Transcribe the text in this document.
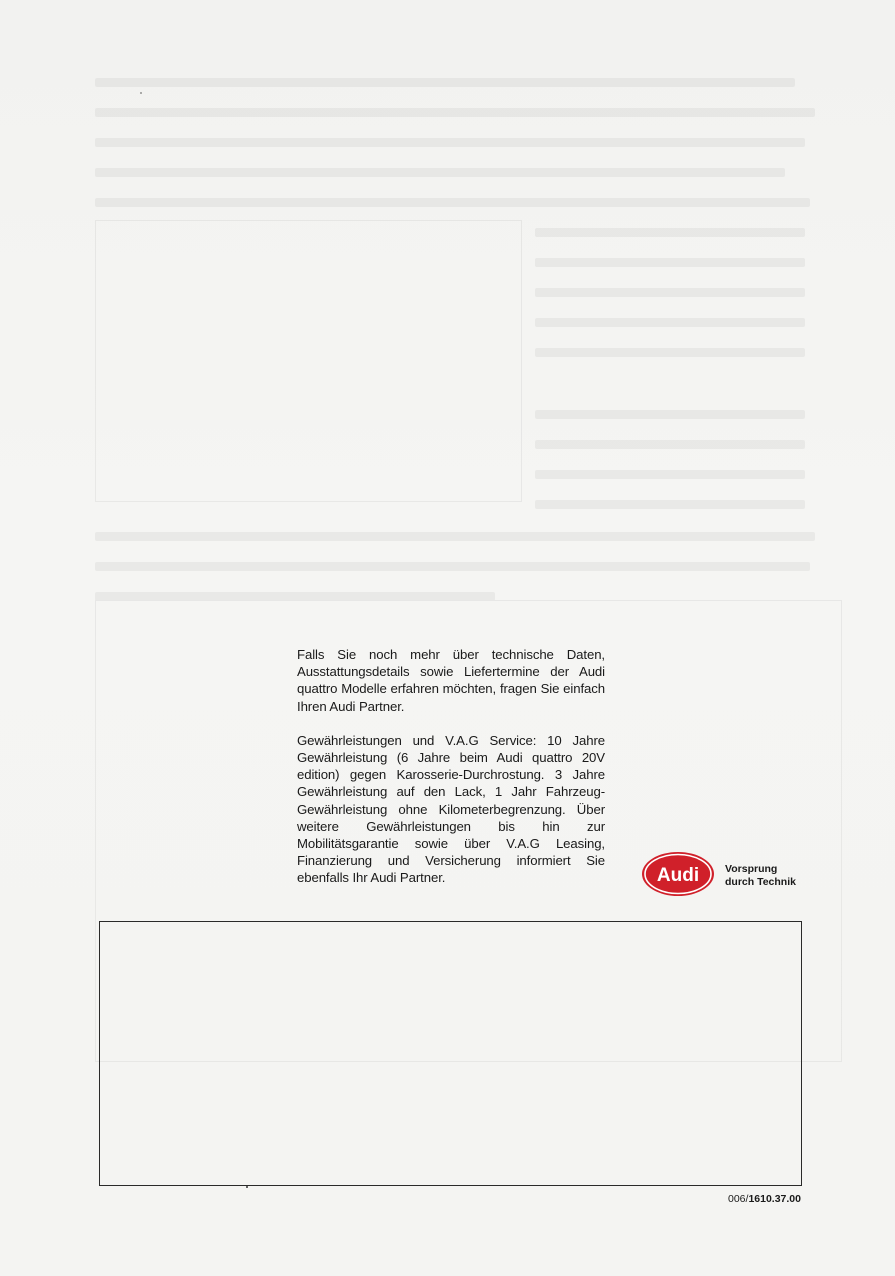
Falls Sie noch mehr über technische Daten, Ausstattungsdetails sowie Liefertermine der Audi quattro Modelle erfahren möchten, fragen Sie einfach Ihren Audi Partner.

Gewährleistungen und V.A.G Service: 10 Jahre Gewährleistung (6 Jahre beim Audi quattro 20V edition) gegen Karosserie-Durchrostung. 3 Jahre Gewährleistung auf den Lack, 1 Jahr Fahrzeug-Gewährleistung ohne Kilometerbegrenzung. Über weitere Gewährleistungen bis hin zur Mobilitätsgarantie sowie über V.A.G Leasing, Finanzierung und Versicherung informiert Sie ebenfalls Ihr Audi Partner.	Audi Vorsprung
durch Technik
006/1610.37.00
